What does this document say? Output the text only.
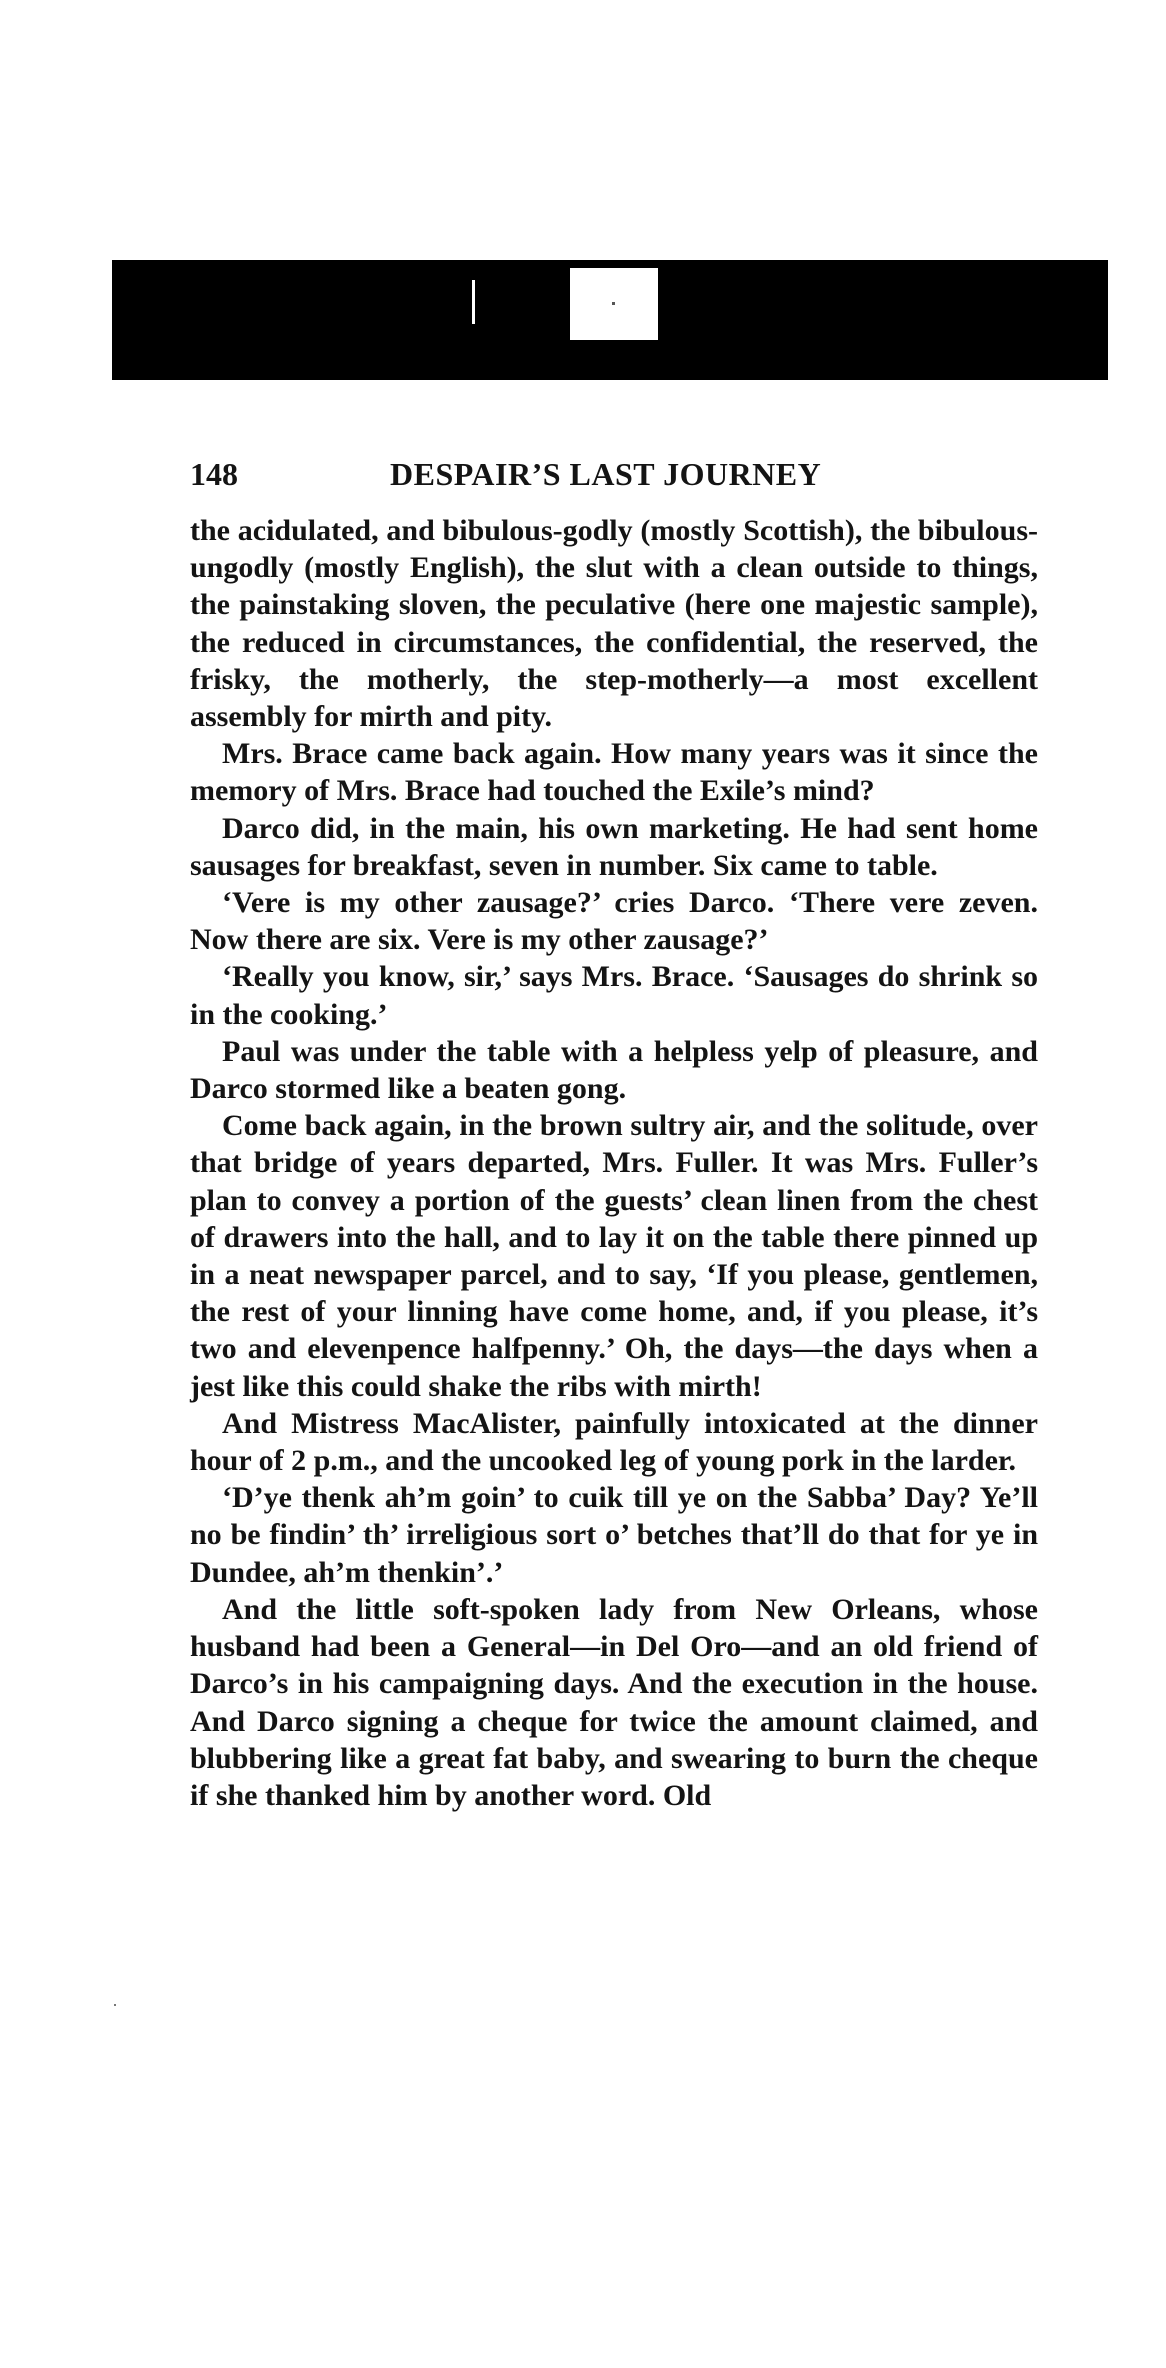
148	DESPAIR’S LAST JOURNEY

the acidulated, and bibulous-godly (mostly Scottish), the bibulous-ungodly (mostly English), the slut with a clean outside to things, the painstaking sloven, the peculative (here one majestic sample), the reduced in circumstances, the confidential, the reserved, the frisky, the motherly, the step-motherly—a most excellent assembly for mirth and pity.

Mrs. Brace came back again. How many years was it since the memory of Mrs. Brace had touched the Exile’s mind?

Darco did, in the main, his own marketing. He had sent home sausages for breakfast, seven in number. Six came to table.

‘Vere is my other zausage?’ cries Darco. ‘There vere zeven. Now there are six. Vere is my other zausage?’

‘Really you know, sir,’ says Mrs. Brace. ‘Sausages do shrink so in the cooking.’

Paul was under the table with a helpless yelp of pleasure, and Darco stormed like a beaten gong.

Come back again, in the brown sultry air, and the solitude, over that bridge of years departed, Mrs. Fuller. It was Mrs. Fuller’s plan to convey a portion of the guests’ clean linen from the chest of drawers into the hall, and to lay it on the table there pinned up in a neat newspaper parcel, and to say, ‘If you please, gentlemen, the rest of your linning have come home, and, if you please, it’s two and elevenpence halfpenny.’ Oh, the days—the days when a jest like this could shake the ribs with mirth!

And Mistress MacAlister, painfully intoxicated at the dinner hour of 2 p.m., and the uncooked leg of young pork in the larder.

‘D’ye thenk ah’m goin’ to cuik till ye on the Sabba’ Day? Ye’ll no be findin’ th’ irreligious sort o’ betches that’ll do that for ye in Dundee, ah’m thenkin’.’

And the little soft-spoken lady from New Orleans, whose husband had been a General—in Del Oro—and an old friend of Darco’s in his campaigning days. And the execution in the house. And Darco signing a cheque for twice the amount claimed, and blubbering like a great fat baby, and swearing to burn the cheque if she thanked him by another word. Old
